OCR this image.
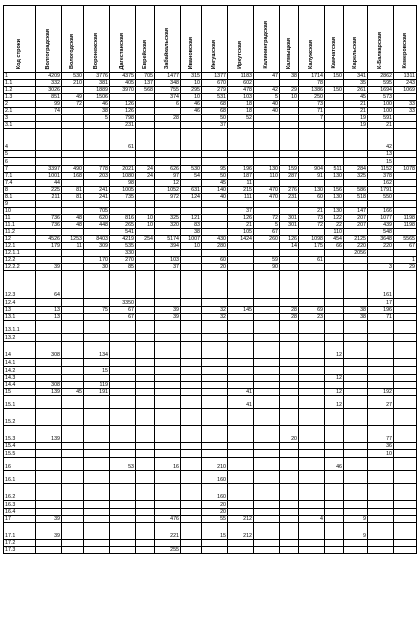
Код строки	Волгоградская	Вологодская	Воронежская	Дагестанская	Еврейская	Забайкальская	Ивановская	Ингушская	Иркутская	Калининградская	Калмыцкая	Калужская	Камчатская	Карельская	К-Балкарская	Кемеровская
1	4209	530	3776	4375	705	1477	315	1377	1183	47	38	1714	150	341	2862	1311
1.1	332	210	381	405	137	348	10	670	602			78		35	595	243
1.2	3026		1889	3970	568	755	295	279	478	42	29	1386	150	261	1694	1069
1.3	851	49	1506			374	10	531	103	5	10	250		45	573	
2	99	72	46	126		6	46	68	18	40		73		21	100	33
2.1	74		38	126			46	68	18	40		71		21	100	33
3			5	798		28		50	52			7		19	591	
3.1				231				37						19	21	
4				61											42	
5															13	
6															15	
7	3397	490	778	2021	24	626	530	95	196	130	159	904	511	284	1152	1078
7.1	1001	168	203	1080	24	97	54	50	187	110	287	91	130	325	378	
7.4	44			98		12		45	11						162	
8	225	81	241	1005		1052	631	140	215	470	276	130	156	586	1791	
8.1	211	81	241	735		972	124	40	111	470	231	60	130	518	550	
9																
10			705						37			21	130	147	166	
11	736	48	620	816	10	325	121		126	72	301	73	122	207	1077	1198
11.1	736	48	448	265	10	320	83		21	5	301	72	22	207	439	1198
11.2				541			38		105	67			110		548	
12	4526	1253	8403	4219	254	5174	1007	430	1424	260	126	1098	454	2125	3648	5565
12.1	179	11	309	535		394	10	280			14	175	66	220	220	67
12.1.1				330										2056		
12.2			170	270		103		60		59		61				1
12.2.2	39		30	85		37		20		90					3	29
12.3	64														161	
12.4				3350											17	
13	13		75	67		39		32	145		28	69		38	196	
13.1	13			67		39		32			28	23		38	71	
13.1.1																
13.2																
14	308		134										12			
14.1																
14.2			15													
14.3													12			
14.4	308		119													
15	139	45	191						41				12		192	
15.1									41				12		27	
15.2																
15.3	139										20				77	
15.4															36	
15.5															10	
16				53		16		210					46			
16.1								160								
16.2								160								
16.3								20								
16.4								20								
17	39					476		55	212			4		9		
17.1	39					221		15	212					9		
17.2																
17.3						255										
